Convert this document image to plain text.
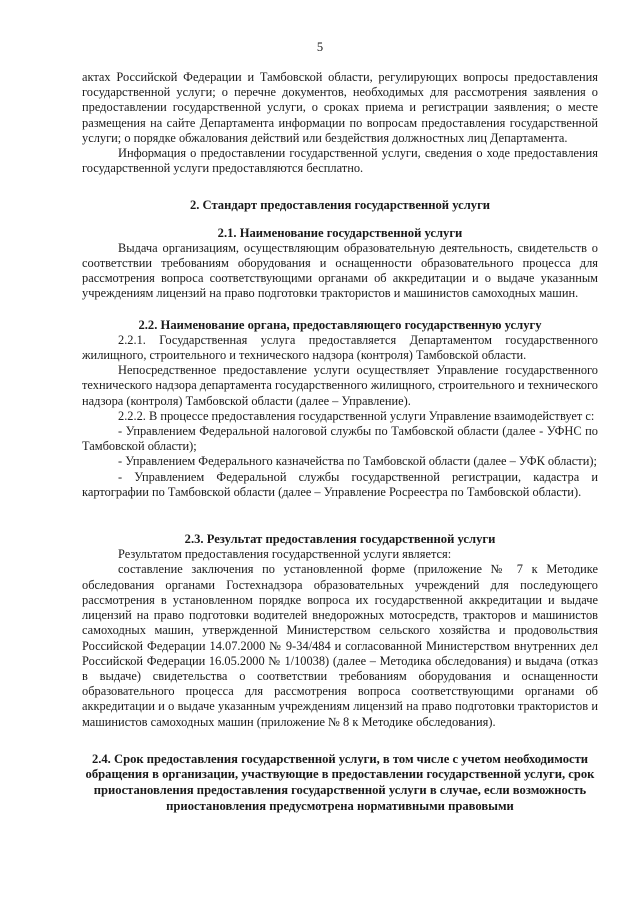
5

актах Российской Федерации и Тамбовской области, регулирующих вопросы предоставления государственной услуги; о перечне документов, необходимых для рассмотрения заявления о предоставлении государственной услуги, о сроках приема и регистрации заявления; о месте размещения на сайте Департамента информации по вопросам предоставления государственной услуги; о порядке обжалования действий или бездействия должностных лиц Департамента.

Информация о предоставлении государственной услуги, сведения о ходе предоставления государственной услуги предоставляются бесплатно.

2. Стандарт предоставления государственной услуги
2.1. Наименование государственной услуги

Выдача организациям, осуществляющим образовательную деятельность, свидетельств о соответствии требованиям оборудования и оснащенности образовательного процесса для рассмотрения вопроса соответствующими органами об аккредитации и о выдаче указанным учреждениям лицензий на право подготовки трактористов и машинистов самоходных машин.

2.2. Наименование органа, предоставляющего государственную услугу

2.2.1. Государственная услуга предоставляется Департаментом государственного жилищного, строительного и технического надзора (контроля) Тамбовской области.

Непосредственное предоставление услуги осуществляет Управление государственного технического надзора департамента государственного жилищного, строительного и технического надзора (контроля) Тамбовской области (далее – Управление).

2.2.2. В процессе предоставления государственной услуги Управление взаимодействует с:

- Управлением Федеральной налоговой службы по Тамбовской области (далее - УФНС по Тамбовской области);

- Управлением Федерального казначейства по Тамбовской области (далее – УФК области);

- Управлением Федеральной службы государственной регистрации, кадастра и картографии по Тамбовской области (далее – Управление Росреестра по Тамбовской области).

2.3. Результат предоставления государственной услуги

Результатом предоставления государственной услуги является:

составление заключения по установленной форме (приложение № 7 к Методике обследования органами Гостехнадзора образовательных учреждений для последующего рассмотрения в установленном порядке вопроса их государственной аккредитации и выдаче лицензий на право подготовки водителей внедорожных мотосредств, тракторов и машинистов самоходных машин, утвержденной Министерством сельского хозяйства и продовольствия Российской Федерации 14.07.2000 № 9-34/484 и согласованной Министерством внутренних дел Российской Федерации 16.05.2000 № 1/10038) (далее – Методика обследования) и выдача (отказ в выдаче) свидетельства о соответствии требованиям оборудования и оснащенности образовательного процесса для рассмотрения вопроса соответствующими органами об аккредитации и о выдаче указанным учреждениям лицензий на право подготовки трактористов и машинистов самоходных машин (приложение № 8 к Методике обследования).

2.4. Срок предоставления государственной услуги, в том числе с учетом необходимости обращения в организации, участвующие в предоставлении государственной услуги, срок приостановления предоставления государственной услуги в случае, если возможность приостановления предусмотрена нормативными правовыми
